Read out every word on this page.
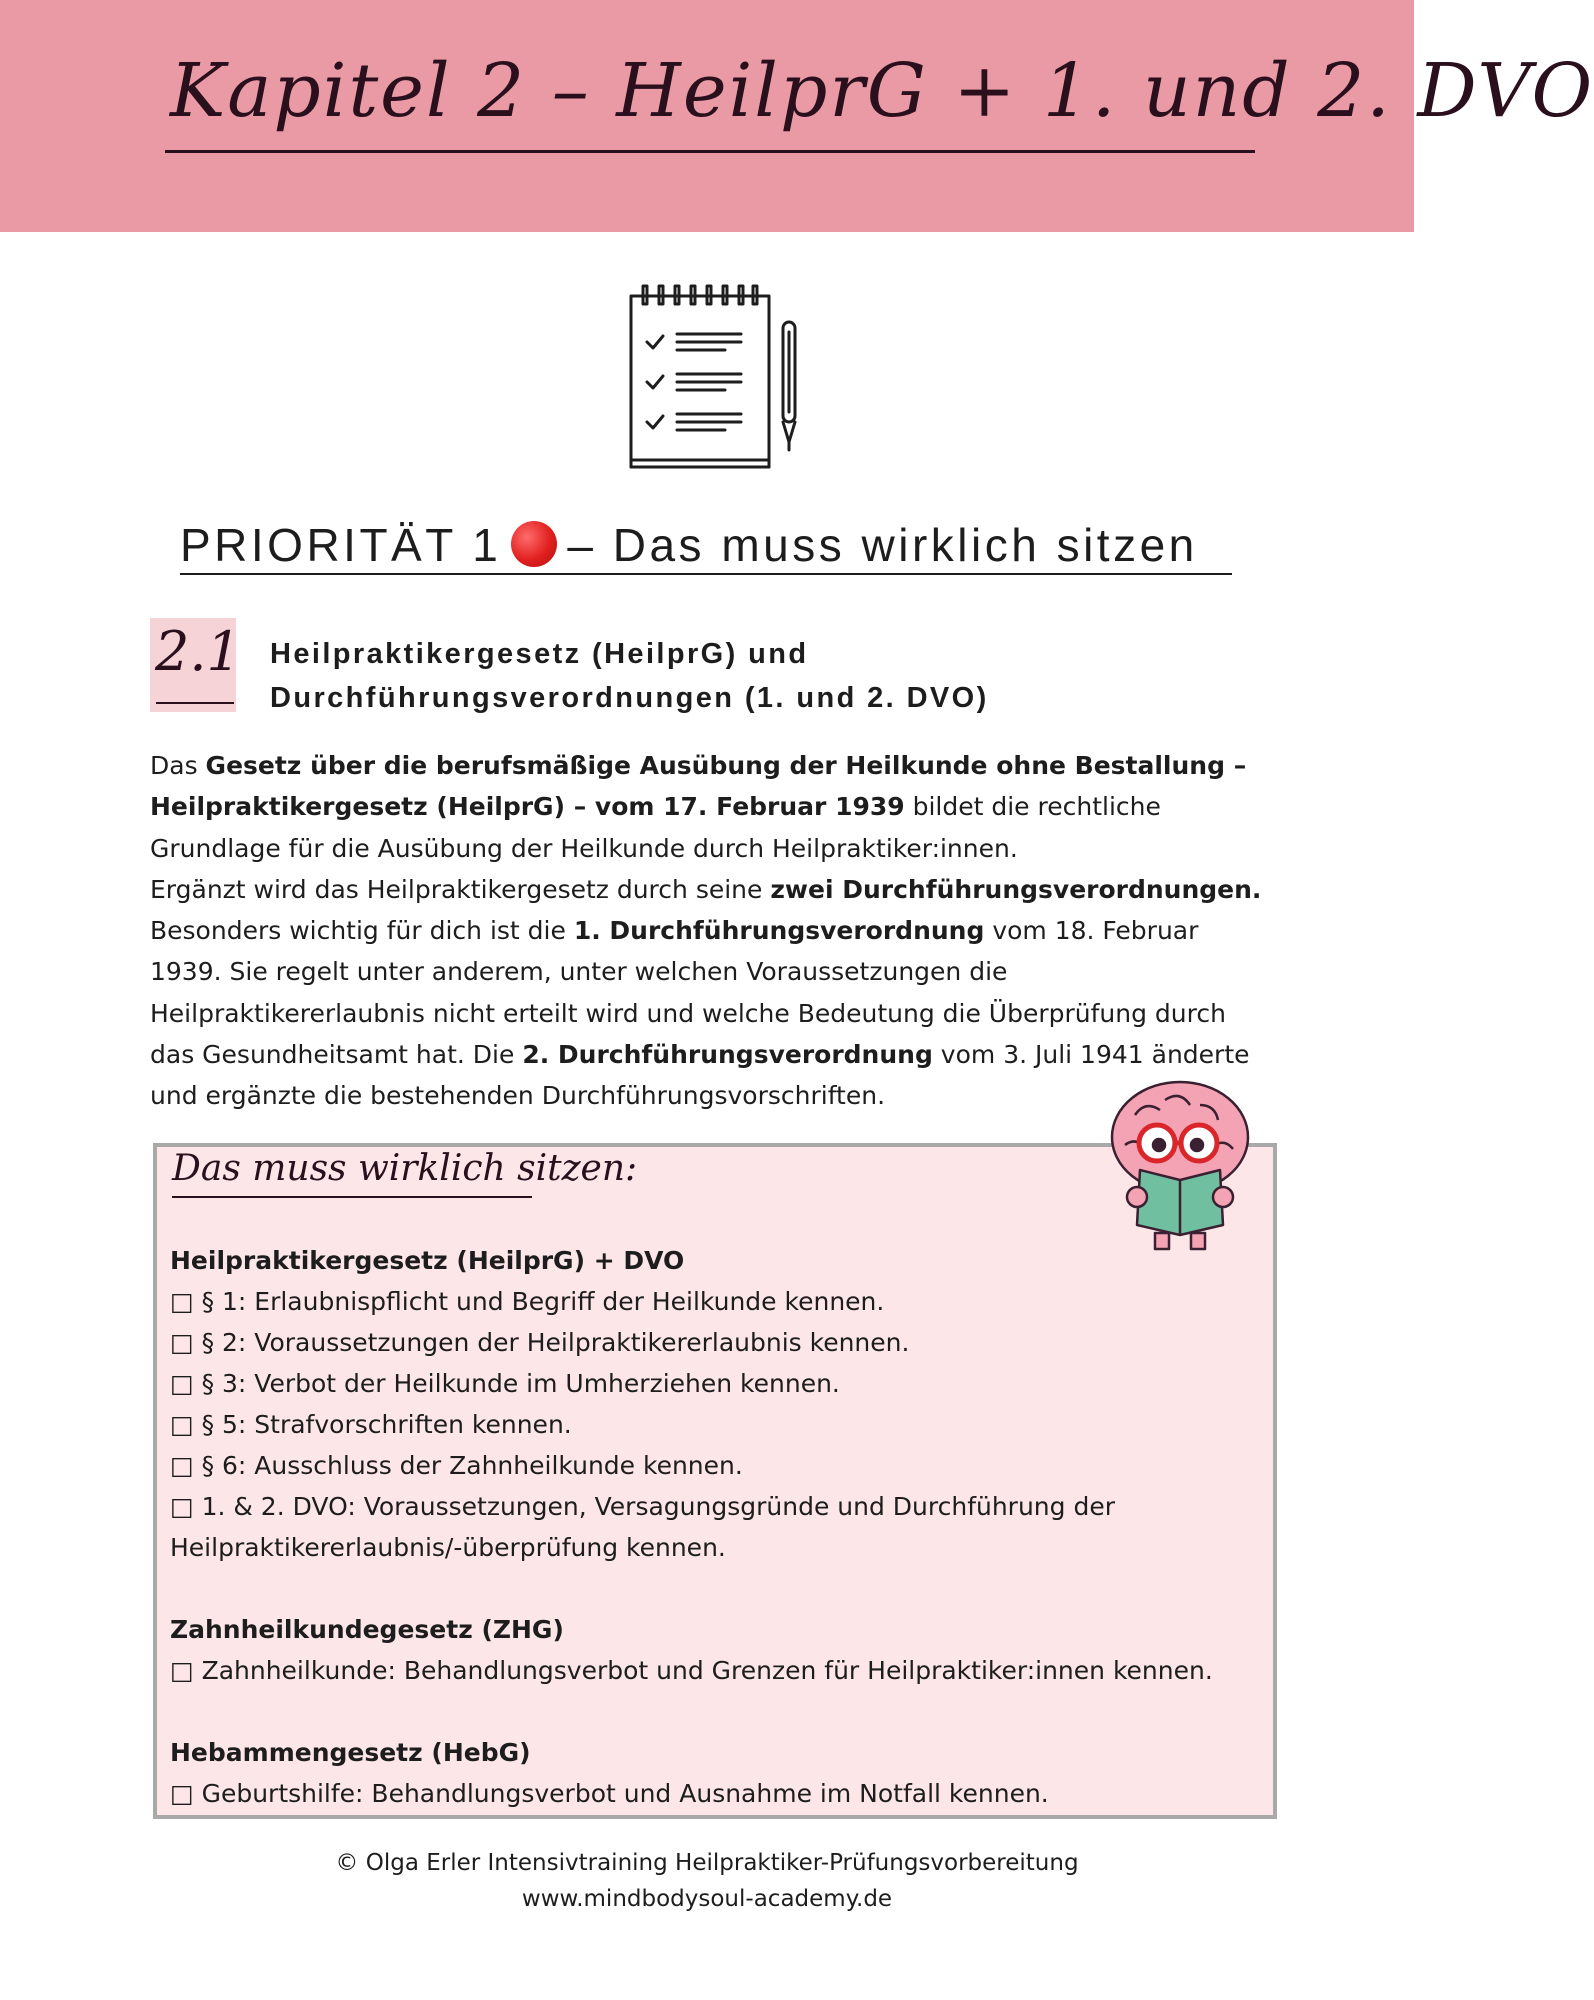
Kapitel 2 – HeilprG + 1. und 2. DVO
PRIORITÄT 1 – Das muss wirklich sitzen
2.1 Heilpraktikergesetz (HeilprG) und
Durchführungsverordnungen (1. und 2. DVO)
Das Gesetz über die berufsmäßige Ausübung der Heilkunde ohne Bestallung – Heilpraktikergesetz (HeilprG) – vom 17. Februar 1939 bildet die rechtliche Grundlage für die Ausübung der Heilkunde durch Heilpraktiker:innen.
Ergänzt wird das Heilpraktikergesetz durch seine zwei Durchführungsverordnungen.
Besonders wichtig für dich ist die 1. Durchführungsverordnung vom 18. Februar 1939. Sie regelt unter anderem, unter welchen Voraussetzungen die Heilpraktikererlaubnis nicht erteilt wird und welche Bedeutung die Überprüfung durch das Gesundheitsamt hat. Die 2. Durchführungsverordnung vom 3. Juli 1941 änderte und ergänzte die bestehenden Durchführungsvorschriften.
Das muss wirklich sitzen:
Heilpraktikergesetz (HeilprG) + DVO
□ § 1: Erlaubnispflicht und Begriff der Heilkunde kennen.
□ § 2: Voraussetzungen der Heilpraktikererlaubnis kennen.
□ § 3: Verbot der Heilkunde im Umherziehen kennen.
□ § 5: Strafvorschriften kennen.
□ § 6: Ausschluss der Zahnheilkunde kennen.
□ 1. & 2. DVO: Voraussetzungen, Versagungsgründe und Durchführung der Heilpraktikererlaubnis/-überprüfung kennen.
Zahnheilkundegesetz (ZHG)
□ Zahnheilkunde: Behandlungsverbot und Grenzen für Heilpraktiker:innen kennen.
Hebammengesetz (HebG)
□ Geburtshilfe: Behandlungsverbot und Ausnahme im Notfall kennen.
© Olga Erler Intensivtraining Heilpraktiker-Prüfungsvorbereitung
www.mindbodysoul-academy.de
